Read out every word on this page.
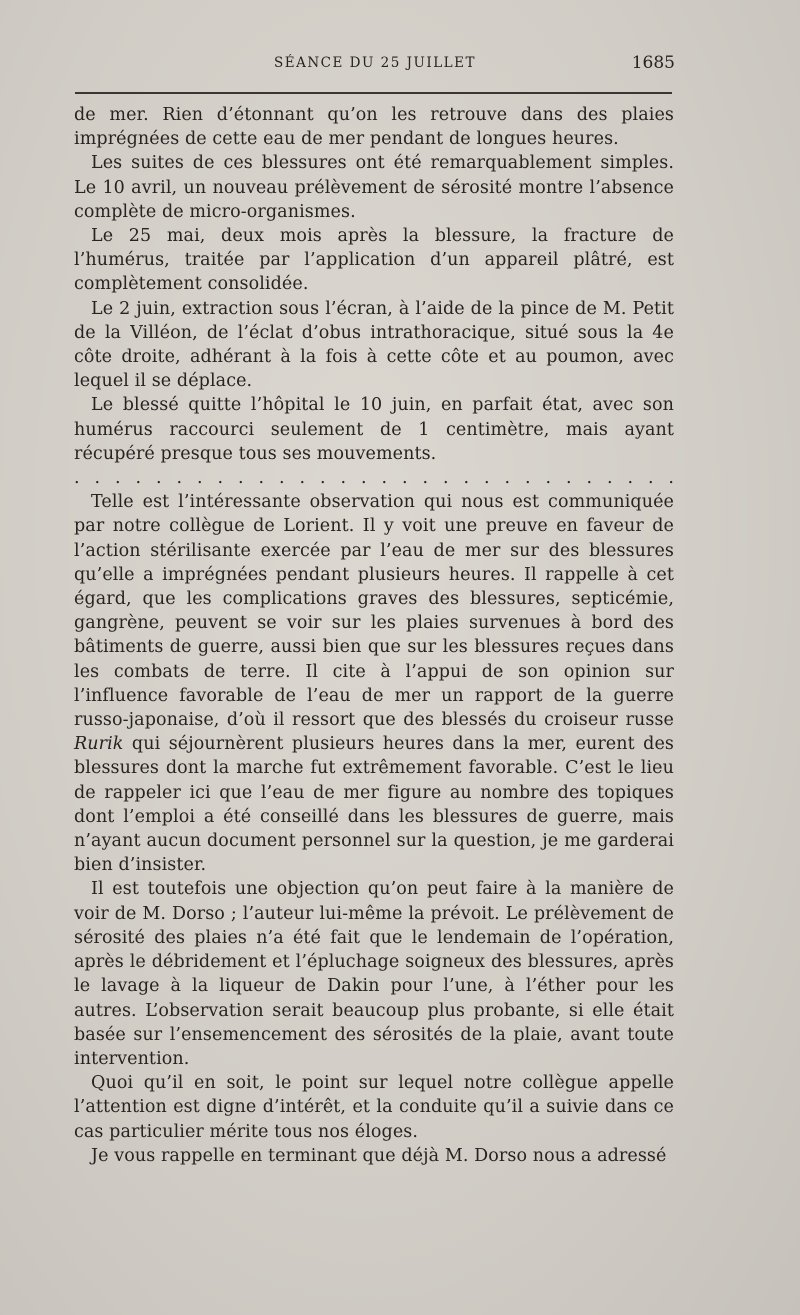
SÉANCE DU 25 JUILLET	1685

de mer. Rien d’étonnant qu’on les retrouve dans des plaies imprégnées de cette eau de mer pendant de longues heures.

Les suites de ces blessures ont été remarquablement simples. Le 10 avril, un nouveau prélèvement de sérosité montre l’absence complète de micro-organismes.

Le 25 mai, deux mois après la blessure, la fracture de l’humérus, traitée par l’application d’un appareil plâtré, est complètement consolidée.

Le 2 juin, extraction sous l’écran, à l’aide de la pince de M. Petit de la Villéon, de l’éclat d’obus intrathoracique, situé sous la 4e côte droite, adhérant à la fois à cette côte et au poumon, avec lequel il se déplace.

Le blessé quitte l’hôpital le 10 juin, en parfait état, avec son humérus raccourci seulement de 1 centimètre, mais ayant récupéré presque tous ses mouvements.

. . . . . . . . . . . . . . . . . . . . . . . . . . . . . .

Telle est l’intéressante observation qui nous est communiquée par notre collègue de Lorient. Il y voit une preuve en faveur de l’action stérilisante exercée par l’eau de mer sur des blessures qu’elle a imprégnées pendant plusieurs heures. Il rappelle à cet égard, que les complications graves des blessures, septicémie, gangrène, peuvent se voir sur les plaies survenues à bord des bâtiments de guerre, aussi bien que sur les blessures reçues dans les combats de terre. Il cite à l’appui de son opinion sur l’influence favorable de l’eau de mer un rapport de la guerre russo-japonaise, d’où il ressort que des blessés du croiseur russe Rurik qui séjournèrent plusieurs heures dans la mer, eurent des blessures dont la marche fut extrêmement favorable. C’est le lieu de rappeler ici que l’eau de mer figure au nombre des topiques dont l’emploi a été conseillé dans les blessures de guerre, mais n’ayant aucun document personnel sur la question, je me garderai bien d’insister.

Il est toutefois une objection qu’on peut faire à la manière de voir de M. Dorso ; l’auteur lui-même la prévoit. Le prélèvement de sérosité des plaies n’a été fait que le lendemain de l’opération, après le débridement et l’épluchage soigneux des blessures, après le lavage à la liqueur de Dakin pour l’une, à l’éther pour les autres. L’observation serait beaucoup plus probante, si elle était basée sur l’ensemencement des sérosités de la plaie, avant toute intervention.

Quoi qu’il en soit, le point sur lequel notre collègue appelle l’attention est digne d’intérêt, et la conduite qu’il a suivie dans ce cas particulier mérite tous nos éloges.

Je vous rappelle en terminant que déjà M. Dorso nous a adressé
